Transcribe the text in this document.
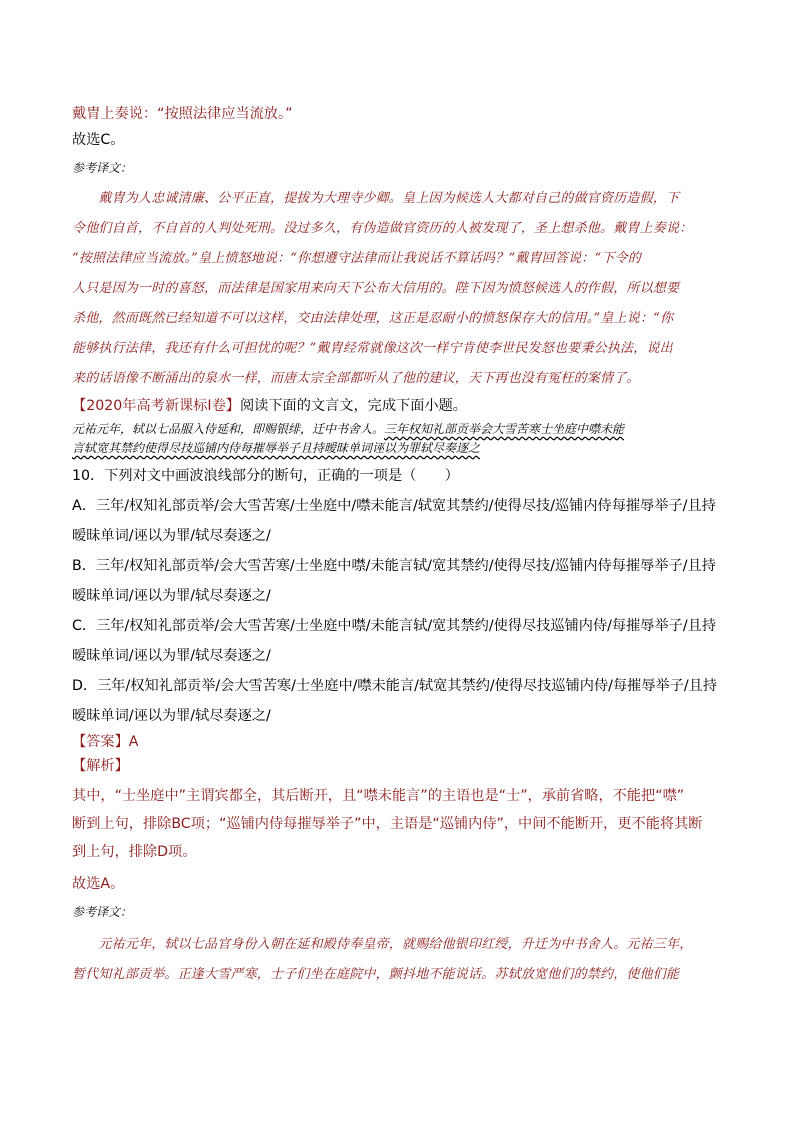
戴胄上奏说：“按照法律应当流放。”

故选C。

参考译文：

　　戴胄为人忠诚清廉、公平正直，提拔为大理寺少卿。皇上因为候选人大都对自己的做官资历造假，下

令他们自首，不自首的人判处死刑。没过多久，有伪造做官资历的人被发现了，圣上想杀他。戴胄上奏说：

“按照法律应当流放。”皇上愤怒地说：“你想遵守法律而让我说话不算话吗？”戴胄回答说：“下令的

人只是因为一时的喜怒，而法律是国家用来向天下公布大信用的。陛下因为愤怒候选人的作假，所以想要

杀他，然而既然已经知道不可以这样，交由法律处理，这正是忍耐小的愤怒保存大的信用。”皇上说：“你

能够执行法律，我还有什么可担忧的呢？”戴胄经常就像这次一样宁肯使李世民发怒也要秉公执法，说出

来的话语像不断涌出的泉水一样，而唐太宗全部都听从了他的建议，天下再也没有冤枉的案情了。

【2020年高考新课标Ⅰ卷】阅读下面的文言文，完成下面小题。

元祐元年，轼以七品服入侍延和，即赐银绯，迁中书舍人。三年权知礼部贡举会大雪苦寒士坐庭中噤未能

言轼宽其禁约使得尽技巡铺内侍每摧辱举子且持暧昧单词诬以为罪轼尽奏逐之

10．下列对文中画波浪线部分的断句，正确的一项是（　　）

A．三年/权知礼部贡举/会大雪苦寒/士坐庭中/噤未能言/轼宽其禁约/使得尽技/巡铺内侍每摧辱举子/且持

暧昧单词/诬以为罪/轼尽奏逐之/

B．三年/权知礼部贡举/会大雪苦寒/士坐庭中噤/未能言轼/宽其禁约/使得尽技/巡铺内侍每摧辱举子/且持

暧昧单词/诬以为罪/轼尽奏逐之/

C．三年/权知礼部贡举/会大雪苦寒/士坐庭中噤/未能言轼/宽其禁约/使得尽技巡铺内侍/每摧辱举子/且持

暧昧单词/诬以为罪/轼尽奏逐之/

D．三年/权知礼部贡举/会大雪苦寒/士坐庭中/噤未能言/轼宽其禁约/使得尽技巡铺内侍/每摧辱举子/且持

暧昧单词/诬以为罪/轼尽奏逐之/

【答案】A

【解析】

其中，“士坐庭中”主谓宾都全，其后断开，且“噤未能言”的主语也是“士”，承前省略，不能把“噤”

断到上句，排除BC项；“巡铺内侍每摧辱举子”中，主语是“巡铺内侍”，中间不能断开，更不能将其断

到上句，排除D项。

故选A。

参考译文：

　　元祐元年，轼以七品官身份入朝在延和殿侍奉皇帝，就赐给他银印红绶，升迁为中书舍人。元祐三年，

暂代知礼部贡举。正逢大雪严寒，士子们坐在庭院中，颤抖地不能说话。苏轼放宽他们的禁约，使他们能
